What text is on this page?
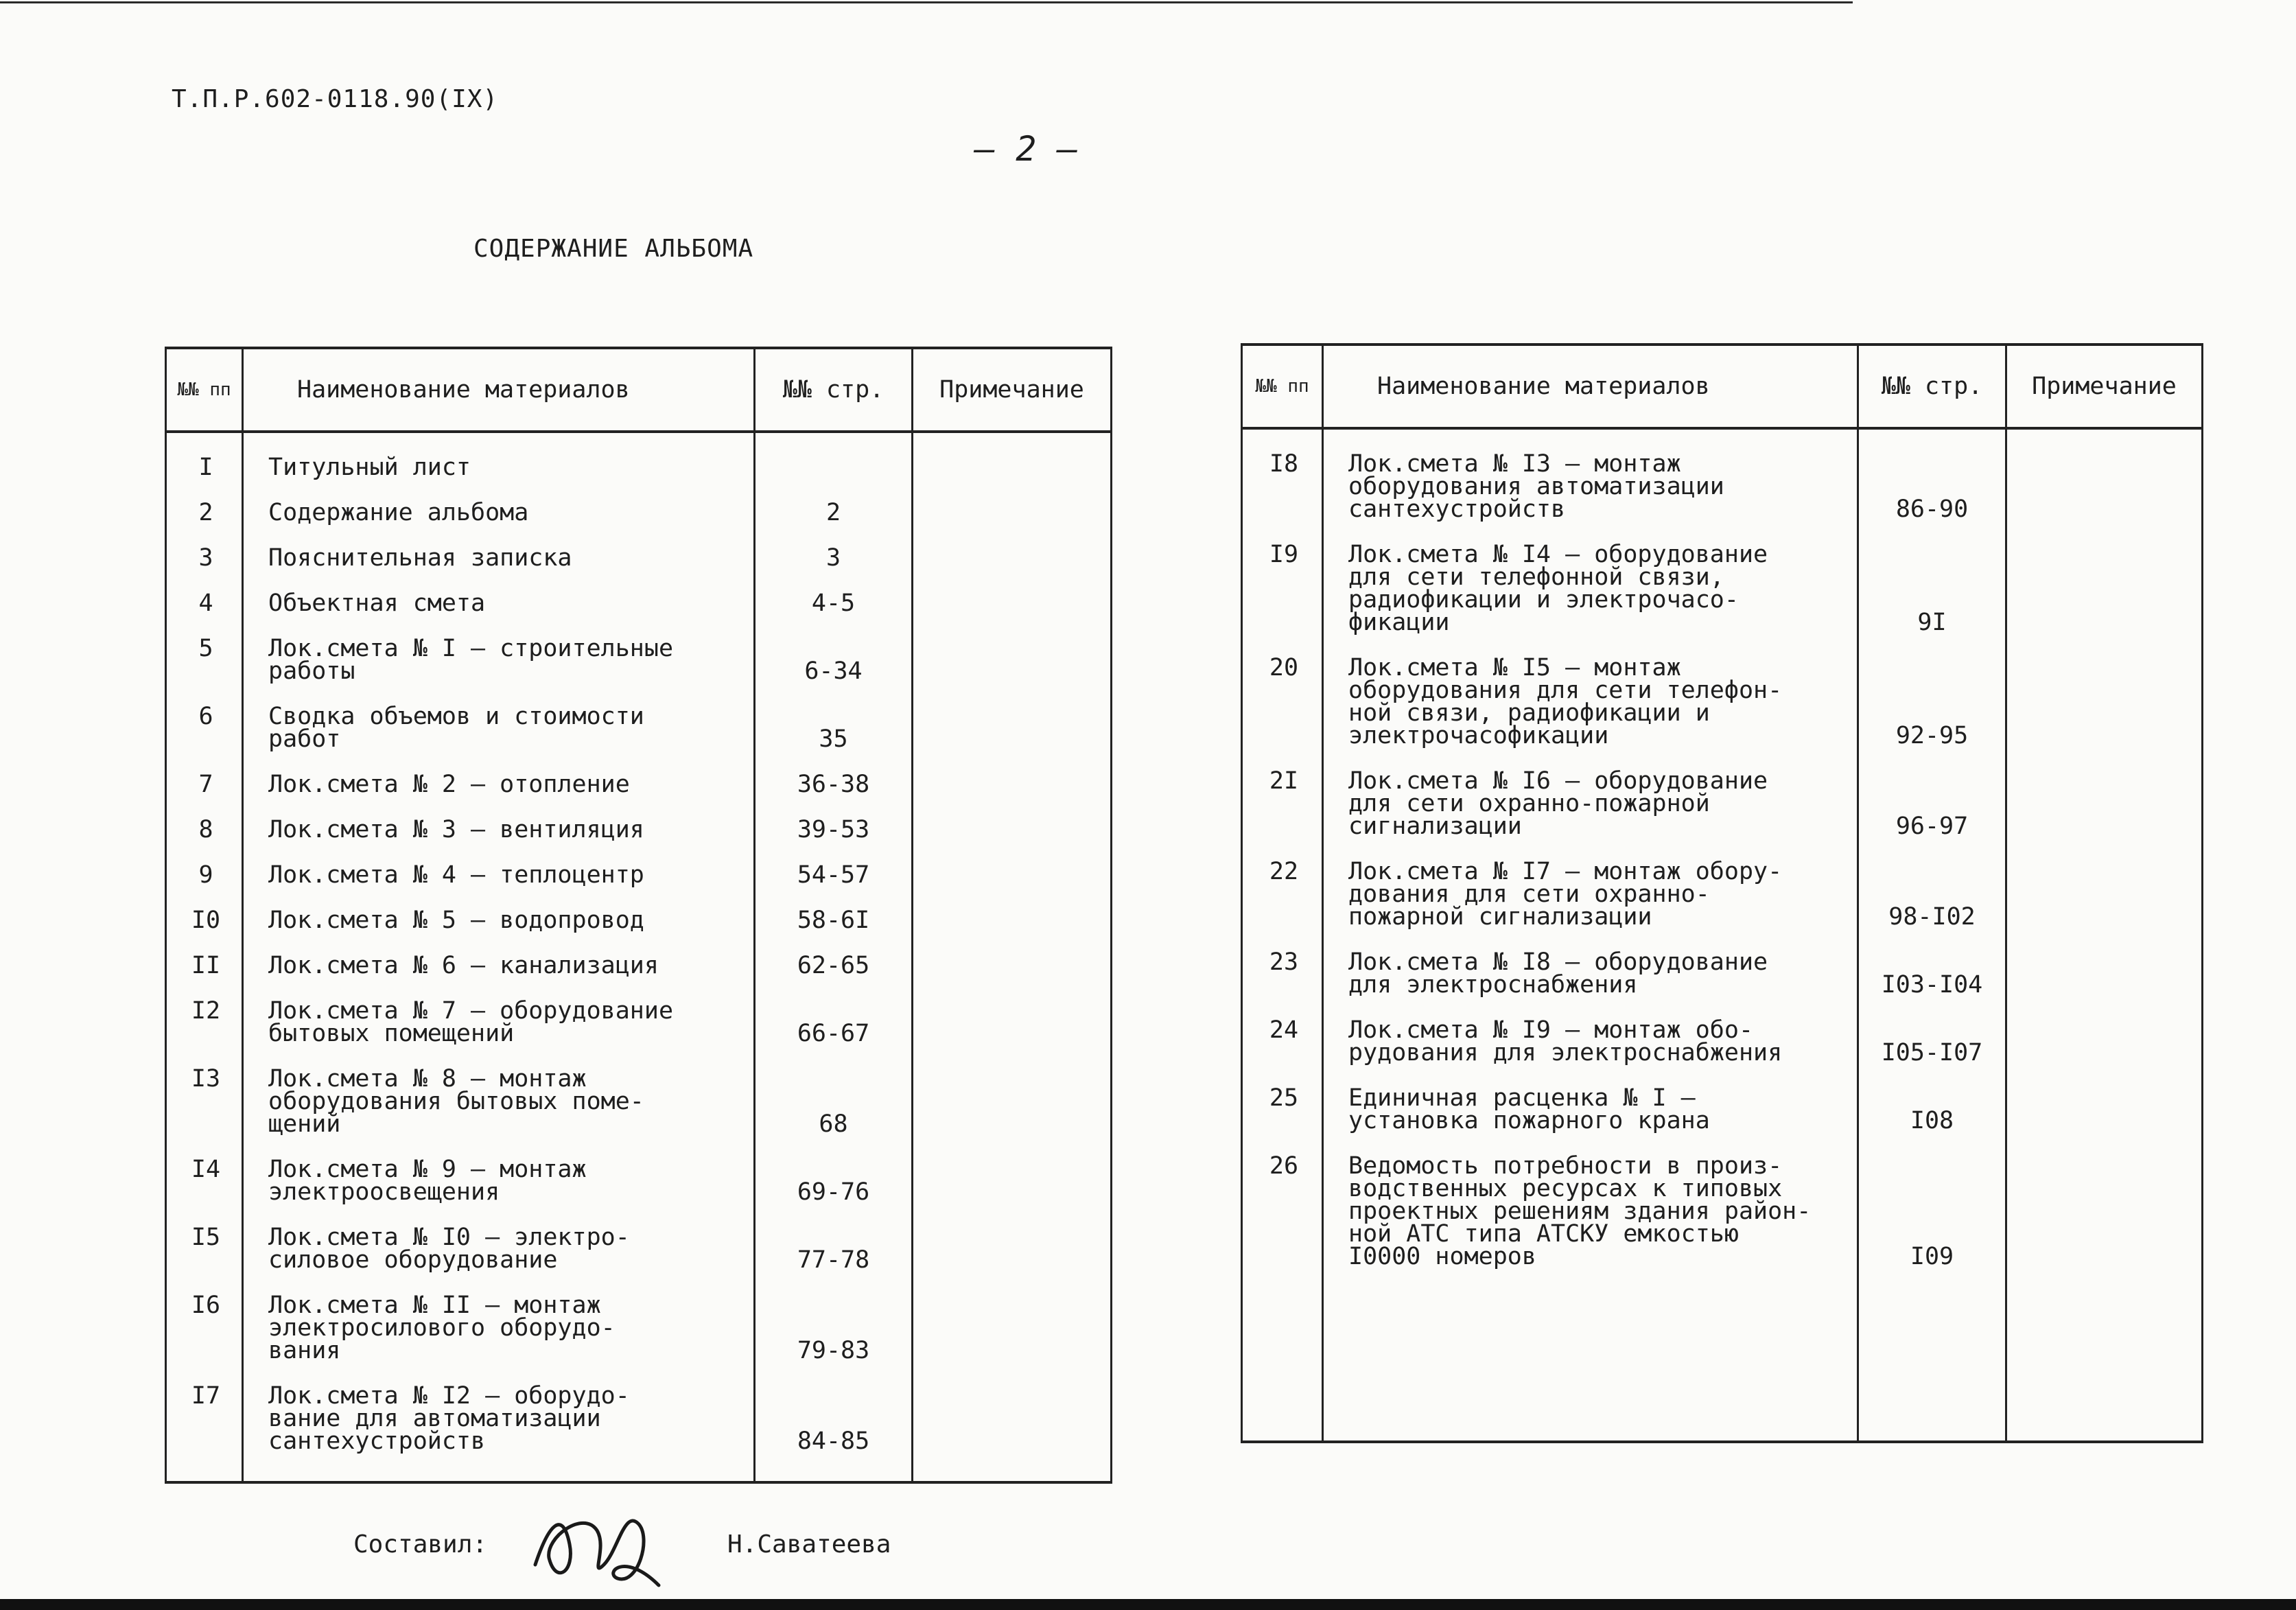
Т.П.Р.602-0118.90(IX)
– 2 –
СОДЕРЖАНИЕ АЛЬБОМА
№№ пп	Наименование материалов	№№ стр.	Примечание

I	Титульный лист		
2	Содержание альбома	2	
3	Пояснительная записка	3	
4	Объектная смета	4-5	
5	Лок.смета № I – строительные
работы	6-34	
6	Сводка объемов и стоимости
работ	35	
7	Лок.смета № 2 – отопление	36-38	
8	Лок.смета № 3 – вентиляция	39-53	
9	Лок.смета № 4 – теплоцентр	54-57	
I0	Лок.смета № 5 – водопровод	58-6I	
II	Лок.смета № 6 – канализация	62-65	
I2	Лок.смета № 7 – оборудование
бытовых помещений	66-67	
I3	Лок.смета № 8 – монтаж
оборудования бытовых поме-
щений	68	
I4	Лок.смета № 9 – монтаж
электроосвещения	69-76	
I5	Лок.смета № I0 – электро-
силовое оборудование	77-78	
I6	Лок.смета № II – монтаж
электросилового оборудо-
вания	79-83	
I7	Лок.смета № I2 – оборудо-
вание для автоматизации
сантехустройств	84-85	

№№ пп	Наименование материалов	№№ стр.	Примечание

I8	Лок.смета № I3 – монтаж
оборудования автоматизации
сантехустройств	86-90	
I9	Лок.смета № I4 – оборудование
для сети телефонной связи,
радиофикации и электрочасо-
фикации	9I	
20	Лок.смета № I5 – монтаж
оборудования для сети телефон-
ной связи, радиофикации и
электрочасофикации	92-95	
2I	Лок.смета № I6 – оборудование
для сети охранно-пожарной
сигнализации	96-97	
22	Лок.смета № I7 – монтаж обору-
дования для сети охранно-
пожарной сигнализации	98-I02	
23	Лок.смета № I8 – оборудование
для электроснабжения	I03-I04	
24	Лок.смета № I9 – монтаж обо-
рудования для электроснабжения	I05-I07	
25	Единичная расценка № I –
установка пожарного крана	I08	
26	Ведомость потребности в произ-
водственных ресурсах к типовых
проектных решениям здания район-
ной АТС типа АТСКУ емкостью
I0000 номеров	I09	

Составил:	Н.Саватеева
